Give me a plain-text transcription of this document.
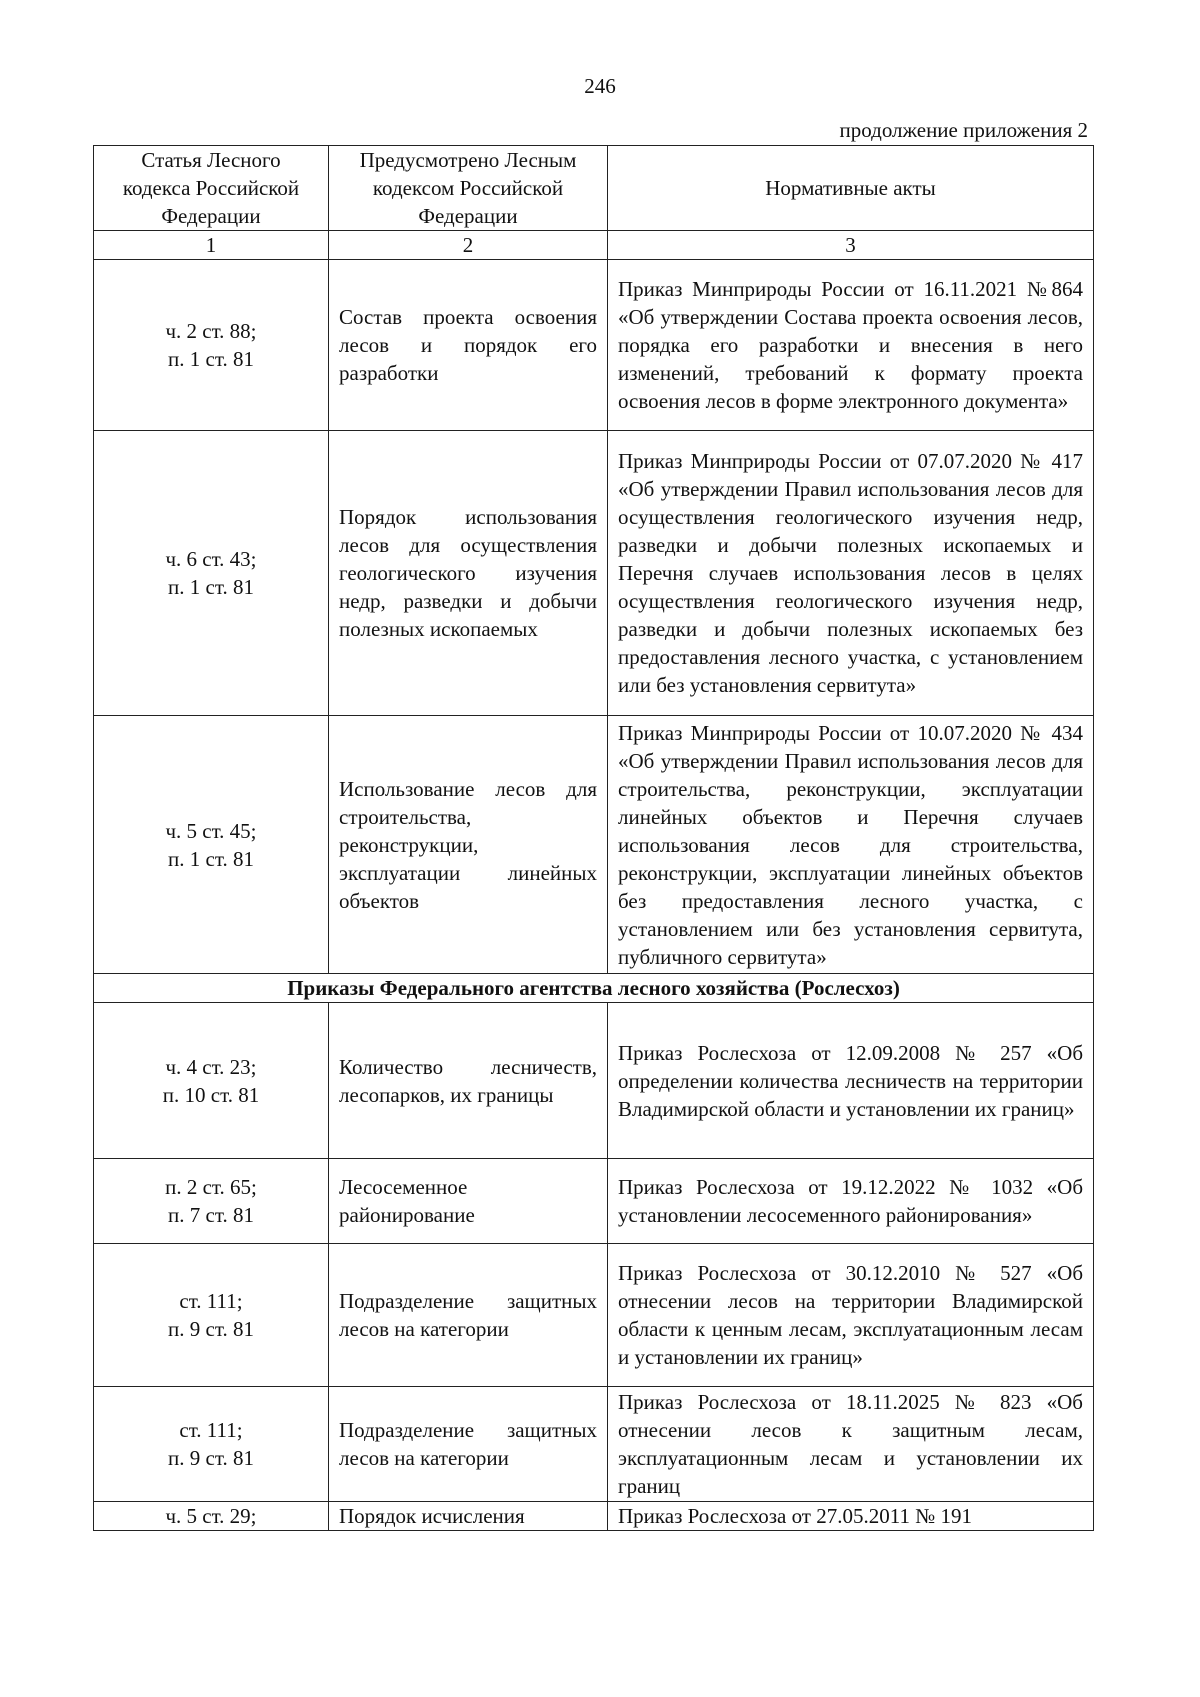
246
продолжение приложения 2
Статья Лесного
кодекса Российской
Федерации	Предусмотрено Лесным
кодексом Российской
Федерации	Нормативные акты

1	2	3

ч. 2 ст. 88;
п. 1 ст. 81	Состав проекта освоения лесов и порядок его разработки	Приказ Минприроды России от 16.11.2021 №864 «Об утверждении Состава проекта освоения лесов, порядка его разработки и внесения в него изменений, требований к формату проекта освоения лесов в форме электронного документа»

ч. 6 ст. 43;
п. 1 ст. 81	Порядок использования лесов для осуществления геологического изучения недр, разведки и добычи полезных ископаемых	Приказ Минприроды России от 07.07.2020 № 417 «Об утверждении Правил использования лесов для осуществления геологического изучения недр, разведки и добычи полезных ископаемых и Перечня случаев использования лесов в целях осуществления геологического изучения недр, разведки и добычи полезных ископаемых без предоставления лесного участка, с установлением или без установления сервитута»

ч. 5 ст. 45;
п. 1 ст. 81	Использование лесов для строительства, реконструкции, эксплуатации линейных объектов	Приказ Минприроды России от 10.07.2020 № 434 «Об утверждении Правил использования лесов для строительства, реконструкции, эксплуатации линейных объектов и Перечня случаев использования лесов для строительства, реконструкции, эксплуатации линейных объектов без предоставления лесного участка, с установлением или без установления сервитута, публичного сервитута»
Приказы Федерального агентства лесного хозяйства (Рослесхоз)		

ч. 4 ст. 23;
п. 10 ст. 81	Количество лесничеств, лесопарков, их границы	Приказ Рослесхоза от 12.09.2008 № 257 «Об определении количества лесничеств на территории Владимирской области и установлении их границ»

п. 2 ст. 65;
п. 7 ст. 81	Лесосеменное районирование	Приказ Рослесхоза от 19.12.2022 № 1032 «Об установлении лесосеменного районирования»

ст. 111;
п. 9 ст. 81	Подразделение защитных лесов на категории	Приказ Рослесхоза от 30.12.2010 № 527 «Об отнесении лесов на территории Владимирской области к ценным лесам, эксплуатационным лесам и установлении их границ»

ст. 111;
п. 9 ст. 81	Подразделение защитных лесов на категории	Приказ Рослесхоза от 18.11.2025 № 823 «Об отнесении лесов к защитным лесам, эксплуатационным лесам и установлении их границ

ч. 5 ст. 29;	Порядок исчисления	Приказ Рослесхоза от 27.05.2011 № 191
